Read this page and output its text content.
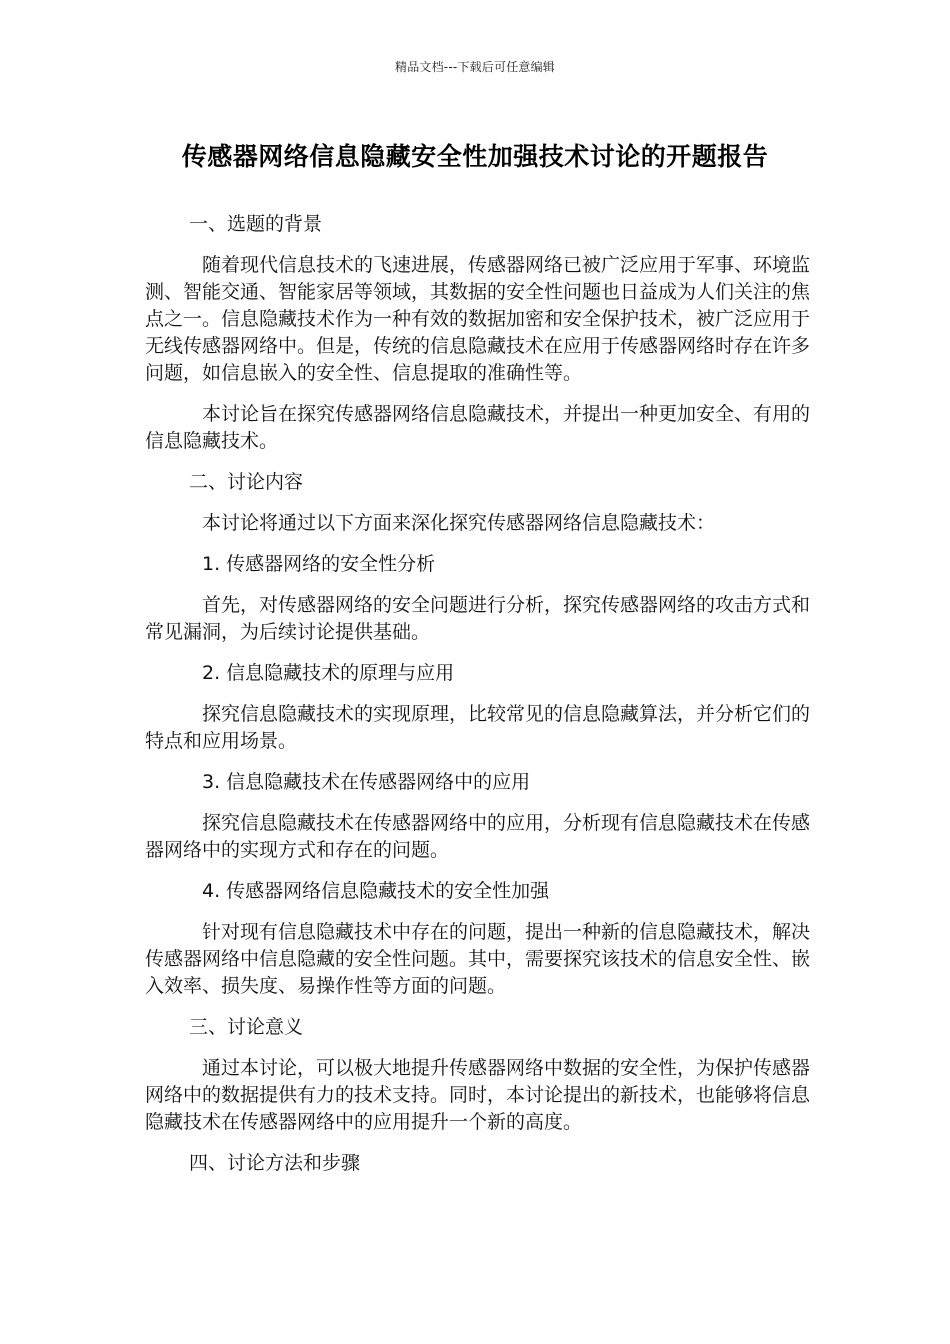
精品文档---下载后可任意编辑
传感器网络信息隐藏安全性加强技术讨论的开题报告

一、选题的背景

随着现代信息技术的飞速进展，传感器网络已被广泛应用于军事、环境监测、智能交通、智能家居等领域，其数据的安全性问题也日益成为人们关注的焦点之一。信息隐藏技术作为一种有效的数据加密和安全保护技术，被广泛应用于无线传感器网络中。但是，传统的信息隐藏技术在应用于传感器网络时存在许多问题，如信息嵌入的安全性、信息提取的准确性等。

本讨论旨在探究传感器网络信息隐藏技术，并提出一种更加安全、有用的信息隐藏技术。

二、讨论内容

本讨论将通过以下方面来深化探究传感器网络信息隐藏技术：

1. 传感器网络的安全性分析

首先，对传感器网络的安全问题进行分析，探究传感器网络的攻击方式和常见漏洞，为后续讨论提供基础。

2. 信息隐藏技术的原理与应用

探究信息隐藏技术的实现原理，比较常见的信息隐藏算法，并分析它们的特点和应用场景。

3. 信息隐藏技术在传感器网络中的应用

探究信息隐藏技术在传感器网络中的应用，分析现有信息隐藏技术在传感器网络中的实现方式和存在的问题。

4. 传感器网络信息隐藏技术的安全性加强

针对现有信息隐藏技术中存在的问题，提出一种新的信息隐藏技术，解决传感器网络中信息隐藏的安全性问题。其中，需要探究该技术的信息安全性、嵌入效率、损失度、易操作性等方面的问题。

三、讨论意义

通过本讨论，可以极大地提升传感器网络中数据的安全性，为保护传感器网络中的数据提供有力的技术支持。同时，本讨论提出的新技术，也能够将信息隐藏技术在传感器网络中的应用提升一个新的高度。

四、讨论方法和步骤
